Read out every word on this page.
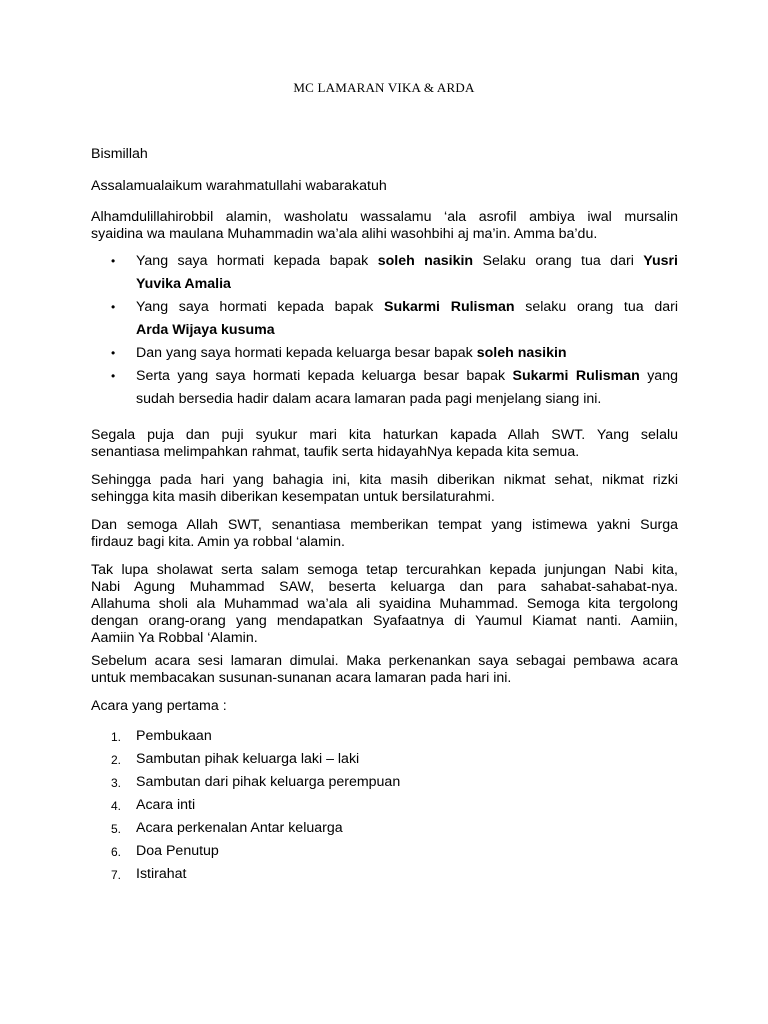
MC LAMARAN VIKA & ARDA
Bismillah
Assalamualaikum warahmatullahi wabarakatuh
Alhamdulillahirobbil alamin, washolatu wassalamu ‘ala asrofil ambiya iwal mursalin
syaidina wa maulana Muhammadin wa’ala alihi wasohbihi aj ma’in. Amma ba’du.
• Yang saya hormati kepada bapak soleh nasikin Selaku orang tua dari Yusri
Yuvika Amalia
• Yang saya hormati kepada bapak Sukarmi Rulisman selaku orang tua dari
Arda Wijaya kusuma
• Dan yang saya hormati kepada keluarga besar bapak soleh nasikin
• Serta yang saya hormati kepada keluarga besar bapak Sukarmi Rulisman yang
sudah bersedia hadir dalam acara lamaran pada pagi menjelang siang ini.
Segala puja dan puji syukur mari kita haturkan kapada Allah SWT. Yang selalu
senantiasa melimpahkan rahmat, taufik serta hidayahNya kepada kita semua.
Sehingga pada hari yang bahagia ini, kita masih diberikan nikmat sehat, nikmat rizki
sehingga kita masih diberikan kesempatan untuk bersilaturahmi.
Dan semoga Allah SWT, senantiasa memberikan tempat yang istimewa yakni Surga
firdauz bagi kita. Amin ya robbal ‘alamin.
Tak lupa sholawat serta salam semoga tetap tercurahkan kepada junjungan Nabi kita,
Nabi Agung Muhammad SAW, beserta keluarga dan para sahabat-sahabat-nya.
Allahuma sholi ala Muhammad wa’ala ali syaidina Muhammad. Semoga kita tergolong
dengan orang-orang yang mendapatkan Syafaatnya di Yaumul Kiamat nanti. Aamiin,
Aamiin Ya Robbal ‘Alamin.
Sebelum acara sesi lamaran dimulai. Maka perkenankan saya sebagai pembawa acara
untuk membacakan susunan-sunanan acara lamaran pada hari ini.
Acara yang pertama :
1. Pembukaan
2. Sambutan pihak keluarga laki – laki
3. Sambutan dari pihak keluarga perempuan
4. Acara inti
5. Acara perkenalan Antar keluarga
6. Doa Penutup
7. Istirahat
